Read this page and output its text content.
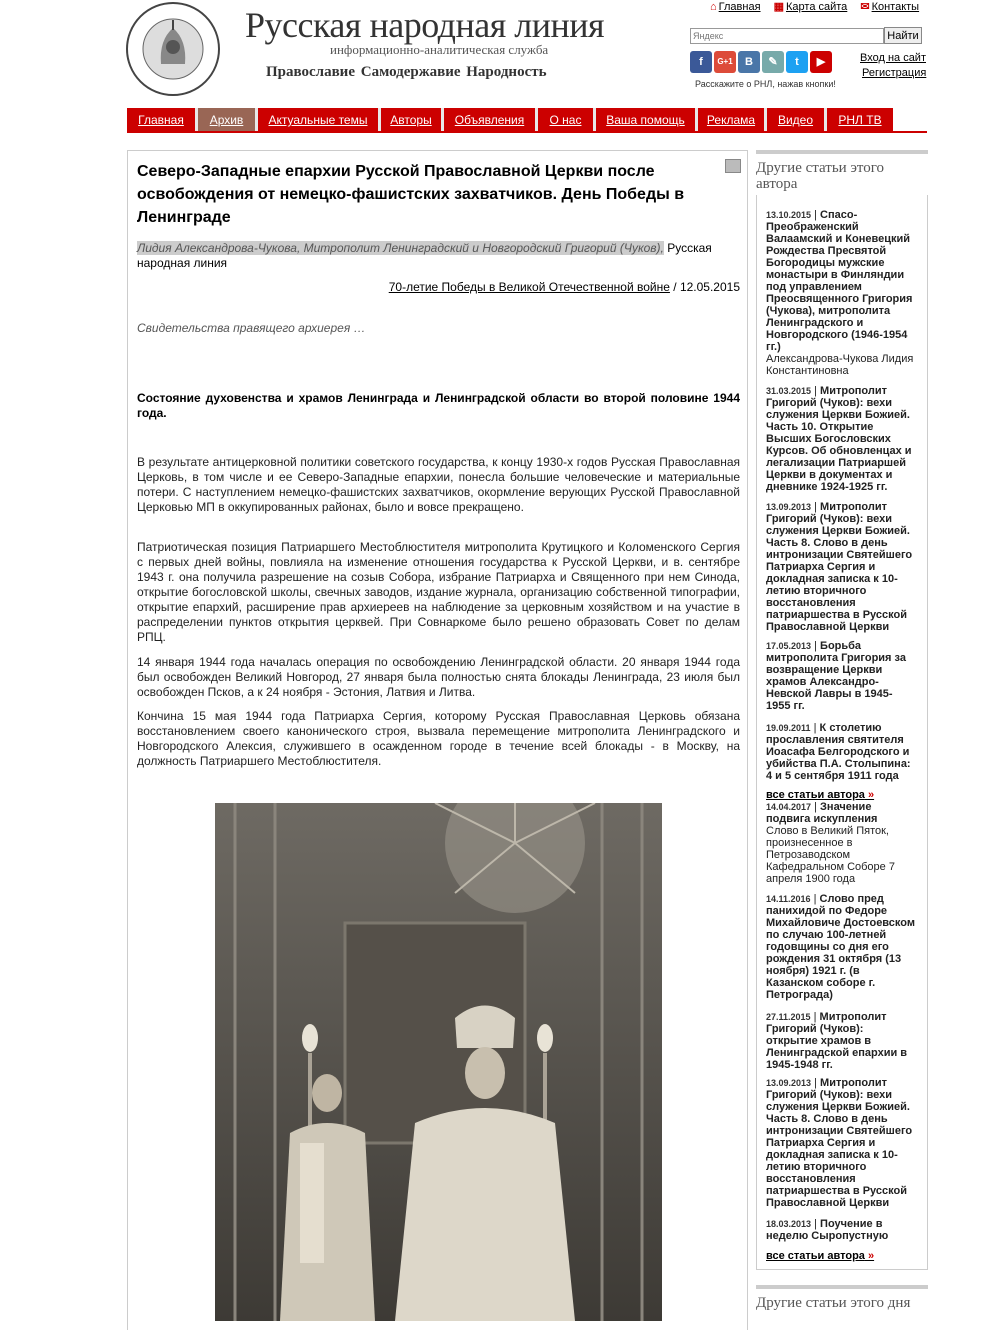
Русская народная линия
информационно-аналитическая служба
Православие Самодержавие Народность
⌂ Главная ▦ Карта сайта ✉ Контакты
Яндекс
Найти
f	G+1	В	✎	t	▶
Расскажите о РНЛ, нажав кнопки!
Вход на сайт
Регистрация
Главная	Архив	Актуальные темы	Авторы	Объявления	О нас	Ваша помощь	Реклама	Видео	РНЛ ТВ
Северо-Западные епархии Русской Православной Церкви после освобождения от немецко-фашистских захватчиков. День Победы в Ленинграде
Лидия Александрова-Чукова, Митрополит Ленинградский и Новгородский Григорий (Чуков), Русская народная линия
70-летие Победы в Великой Отечественной войне / 12.05.2015
Свидетельства правящего архиерея …
Состояние духовенства и храмов Ленинграда и Ленинградской области во второй половине 1944 года.
В результате антицерковной политики советского государства, к концу 1930-х годов Русская Православная Церковь, в том числе и ее Северо-Западные епархии, понесла большие человеческие и материальные потери. С наступлением немецко-фашистских захватчиков, окормление верующих Русской Православной Церковью МП в оккупированных районах, было и вовсе прекращено.
Патриотическая позиция Патриаршего Местоблюстителя митрополита Крутицкого и Коломенского Сергия с первых дней войны, повлияла на изменение отношения государства к Русской Церкви, и в. сентябре 1943 г. она получила разрешение на созыв Собора, избрание Патриарха и Священного при нем Синода, открытие богословской школы, свечных заводов, издание журнала, организацию собственной типографии, открытие епархий, расширение прав архиереев на наблюдение за церковным хозяйством и на участие в распределении пунктов открытия церквей. При Совнаркоме было решено образовать Совет по делам РПЦ.
14 января 1944 года началась операция по освобождению Ленинградской области. 20 января 1944 года был освобожден Великий Новгород, 27 января была полностью снята блокады Ленинграда, 23 июля был освобожден Псков, а к 24 ноября - Эстония, Латвия и Литва.
Кончина 15 мая 1944 года Патриарха Сергия, которому Русская Православная Церковь обязана восстановлением своего канонического строя, вызвала перемещение митрополита Ленинградского и Новгородского Алексия, служившего в осажденном городе в течение всей блокады - в Москву, на должность Патриаршего Местоблюстителя.
Другие статьи этого автора
13.10.2015 | Спасо-Преображенский Валаамский и Коневецкий Рождества Пресвятой Богородицы мужские монастыри в Финляндии под управлением Преосвященного Григория (Чукова), митрополита Ленинградского и Новгородского (1946-1954 гг.)
Александрова-Чукова Лидия Константиновна
31.03.2015 | Митрополит Григорий (Чуков): вехи служения Церкви Божией. Часть 10. Открытие Высших Богословских Курсов. Об обновленцах и легализации Патриаршей Церкви в документах и дневнике 1924-1925 гг.
13.09.2013 | Митрополит Григорий (Чуков): вехи служения Церкви Божией. Часть 8. Слово в день интронизации Святейшего Патриарха Сергия и докладная записка к 10-летию вторичного восстановления патриаршества в Русской Православной Церкви
17.05.2013 | Борьба митрополита Григория за возвращение Церкви храмов Александро-Невской Лавры в 1945-1955 гг.
19.09.2011 | К столетию прославления святителя Иоасафа Белгородского и убийства П.А. Столыпина: 4 и 5 сентября 1911 года
все статьи автора »
14.04.2017 | Значение подвига искупления
Слово в Великий Пяток, произнесенное в Петрозаводском Кафедральном Соборе 7 апреля 1900 года
14.11.2016 | Слово пред панихидой по Федоре Михайловиче Достоевском по случаю 100-летней годовщины со дня его рождения 31 октября (13 ноября) 1921 г. (в Казанском соборе г. Петрограда)
27.11.2015 | Митрополит Григорий (Чуков): открытие храмов в Ленинградской епархии в 1945-1948 гг.
13.09.2013 | Митрополит Григорий (Чуков): вехи служения Церкви Божией. Часть 8. Слово в день интронизации Святейшего Патриарха Сергия и докладная записка к 10-летию вторичного восстановления патриаршества в Русской Православной Церкви
18.03.2013 | Поучение в неделю Сыропустную
все статьи автора »
Другие статьи этого дня
